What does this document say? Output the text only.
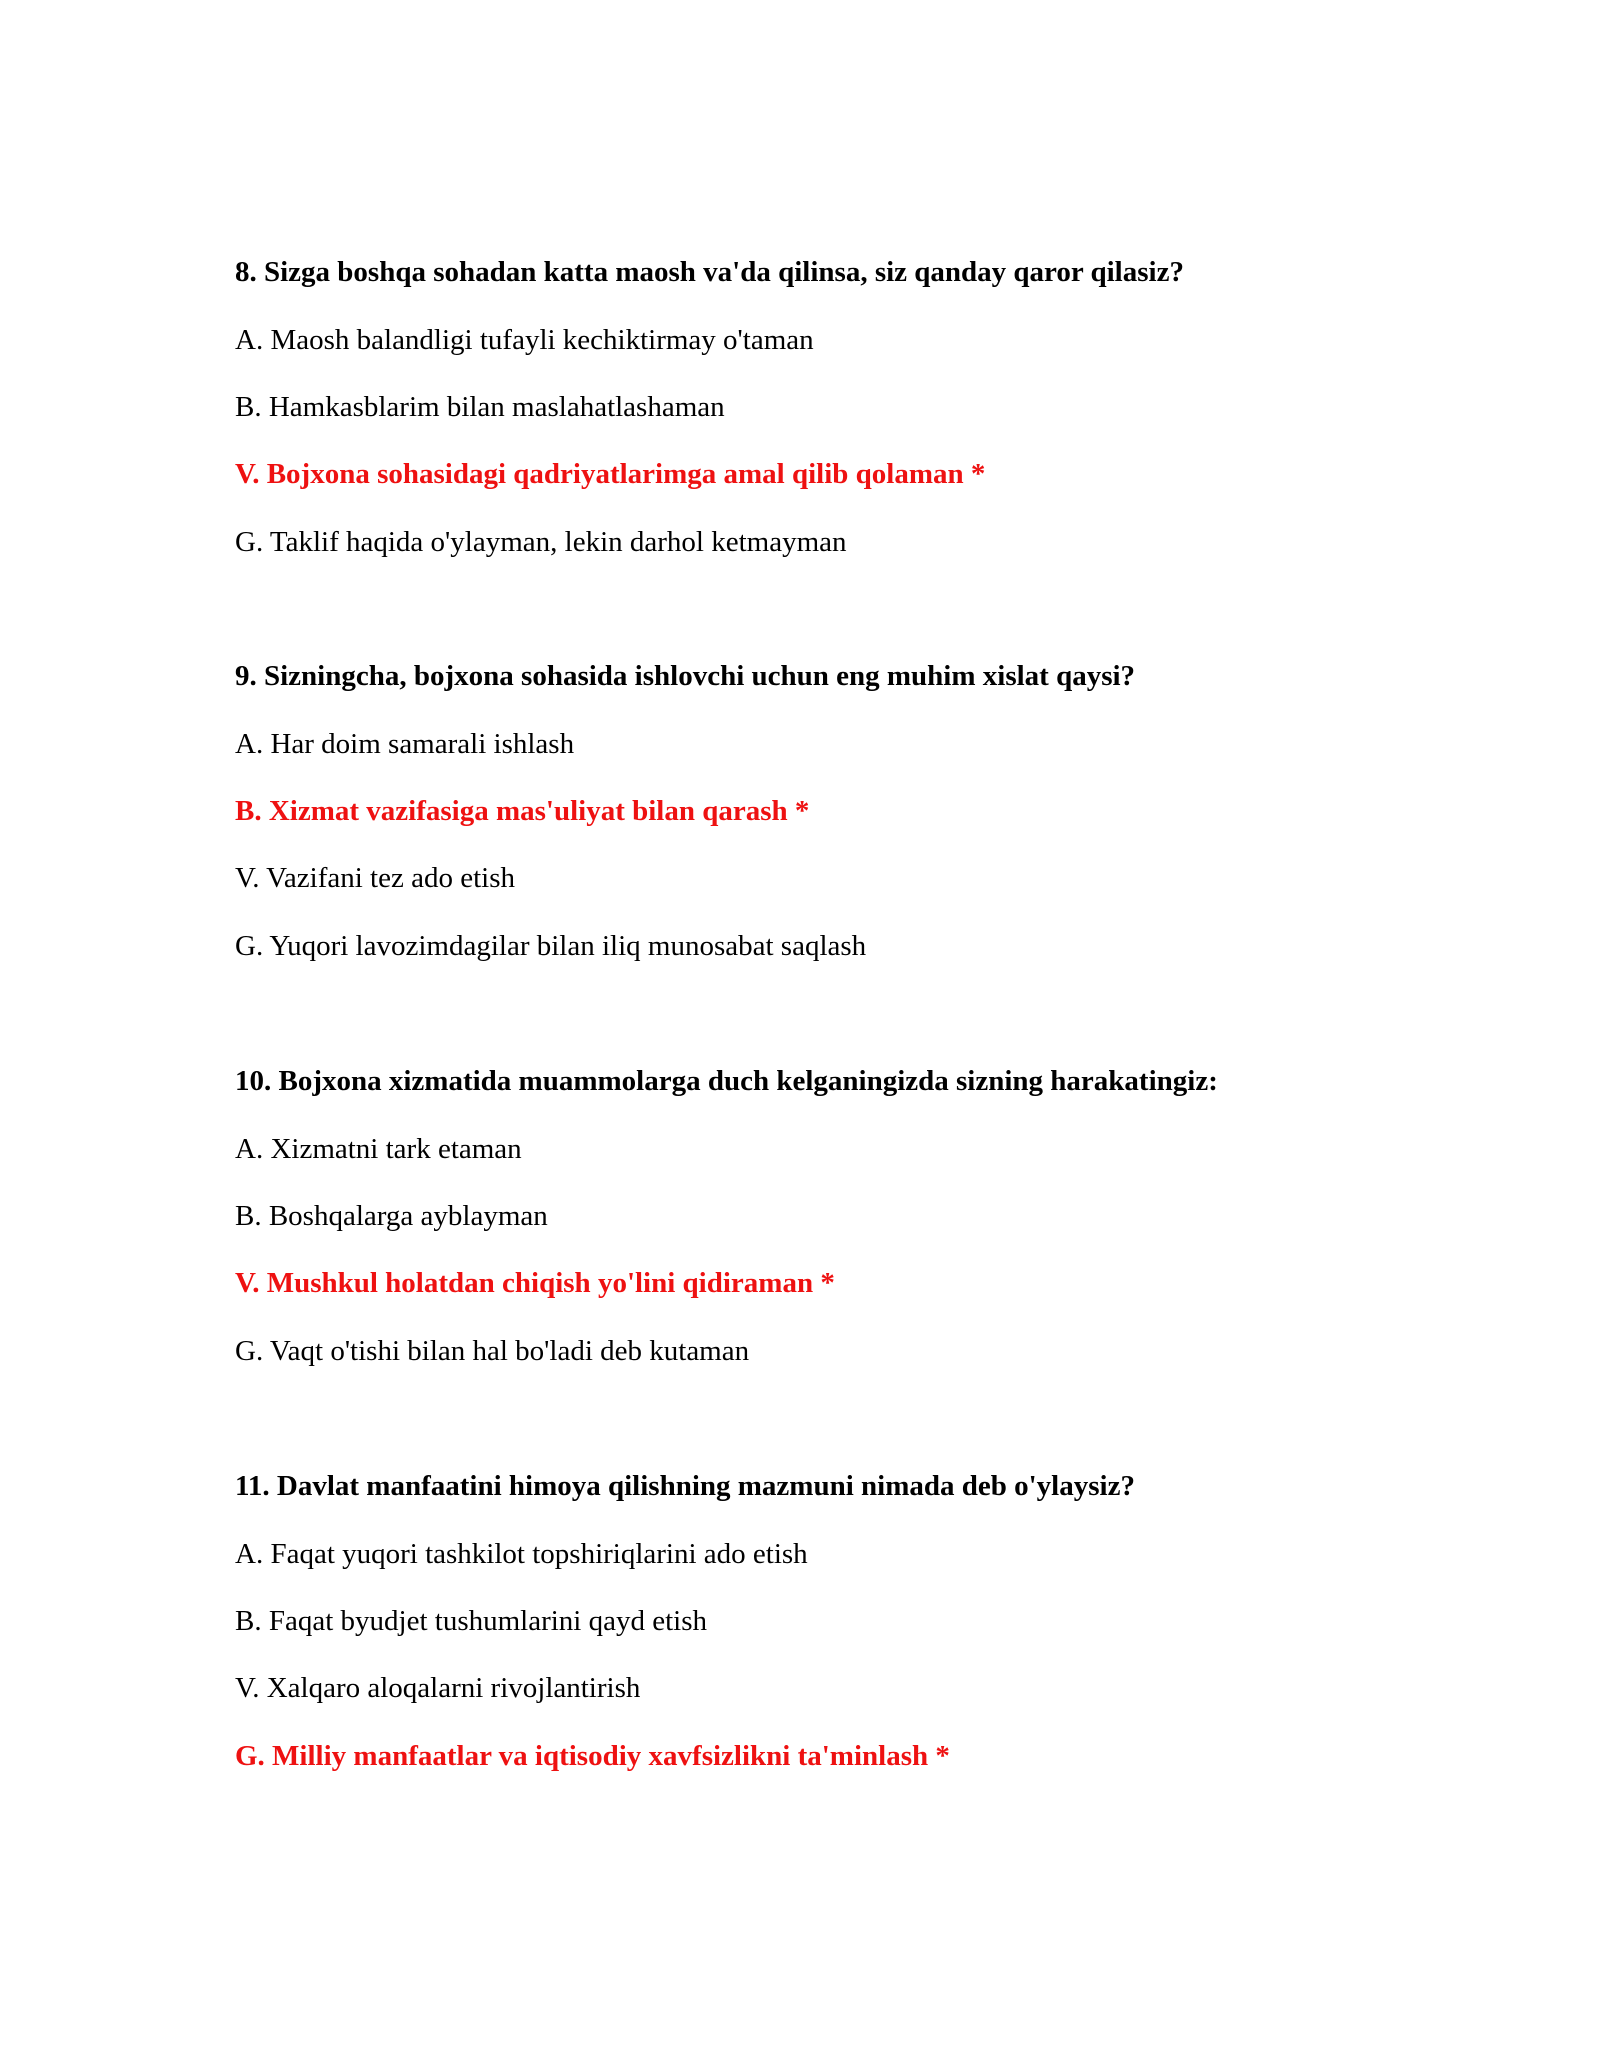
8. Sizga boshqa sohadan katta maosh va'da qilinsa, siz qanday qaror qilasiz?
A. Maosh balandligi tufayli kechiktirmay o'taman
B. Hamkasblarim bilan maslahatlashaman
V. Bojxona sohasidagi qadriyatlarimga amal qilib qolaman *
G. Taklif haqida o'ylayman, lekin darhol ketmayman
9. Sizningcha, bojxona sohasida ishlovchi uchun eng muhim xislat qaysi?
A. Har doim samarali ishlash
B. Xizmat vazifasiga mas'uliyat bilan qarash *
V. Vazifani tez ado etish
G. Yuqori lavozimdagilar bilan iliq munosabat saqlash
10. Bojxona xizmatida muammolarga duch kelganingizda sizning harakatingiz:
A. Xizmatni tark etaman
B. Boshqalarga ayblayman
V. Mushkul holatdan chiqish yo'lini qidiraman *
G. Vaqt o'tishi bilan hal bo'ladi deb kutaman
11. Davlat manfaatini himoya qilishning mazmuni nimada deb o'ylaysiz?
A. Faqat yuqori tashkilot topshiriqlarini ado etish
B. Faqat byudjet tushumlarini qayd etish
V. Xalqaro aloqalarni rivojlantirish
G. Milliy manfaatlar va iqtisodiy xavfsizlikni ta'minlash *
